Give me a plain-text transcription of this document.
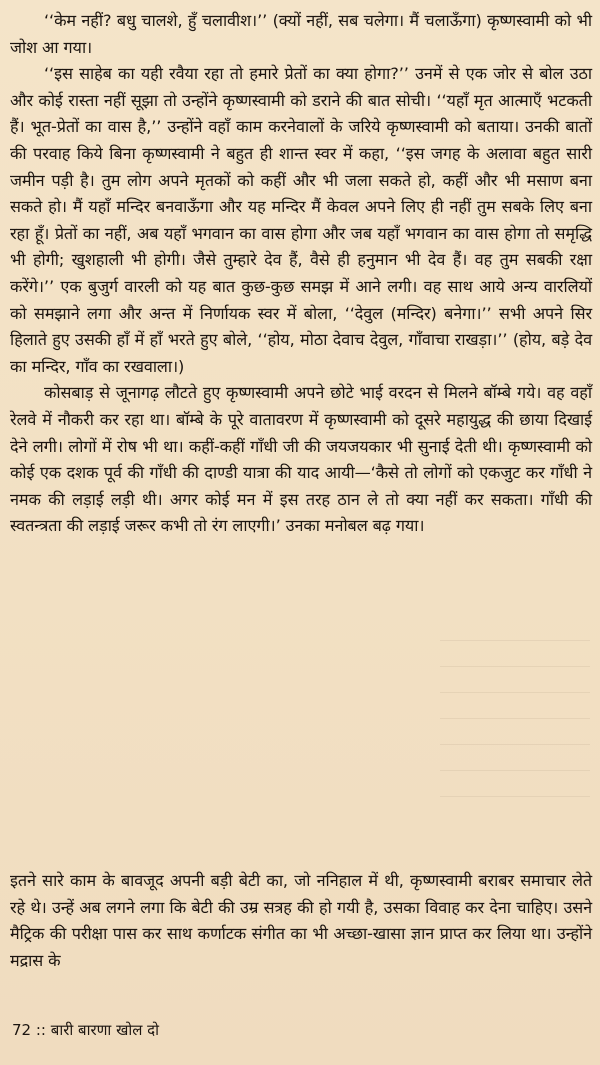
‘‘केम नहीं? बधु चालशे, हुँ चलावीश।’’ (क्यों नहीं, सब चलेगा। मैं चलाऊँगा) कृष्णस्वामी को भी जोश आ गया।

‘‘इस साहेब का यही रवैया रहा तो हमारे प्रेतों का क्या होगा?’’ उनमें से एक जोर से बोल उठा और कोई रास्ता नहीं सूझा तो उन्होंने कृष्णस्वामी को डराने की बात सोची। ‘‘यहाँ मृत आत्माएँ भटकती हैं। भूत-प्रेतों का वास है,’’ उन्होंने वहाँ काम करनेवालों के जरिये कृष्णस्वामी को बताया। उनकी बातों की परवाह किये बिना कृष्णस्वामी ने बहुत ही शान्त स्वर में कहा, ‘‘इस जगह के अलावा बहुत सारी जमीन पड़ी है। तुम लोग अपने मृतकों को कहीं और भी जला सकते हो, कहीं और भी मसाण बना सकते हो। मैं यहाँ मन्दिर बनवाऊँगा और यह मन्दिर मैं केवल अपने लिए ही नहीं तुम सबके लिए बना रहा हूँ। प्रेतों का नहीं, अब यहाँ भगवान का वास होगा और जब यहाँ भगवान का वास होगा तो समृद्धि भी होगी; खुशहाली भी होगी। जैसे तुम्हारे देव हैं, वैसे ही हनुमान भी देव हैं। वह तुम सबकी रक्षा करेंगे।’’ एक बुजुर्ग वारली को यह बात कुछ-कुछ समझ में आने लगी। वह साथ आये अन्य वारलियों को समझाने लगा और अन्त में निर्णायक स्वर में बोला, ‘‘देवुल (मन्दिर) बनेगा।’’ सभी अपने सिर हिलाते हुए उसकी हाँ में हाँ भरते हुए बोले, ‘‘होय, मोठा देवाच देवुल, गाँवाचा राखड़ा।’’ (होय, बड़े देव का मन्दिर, गाँव का रखवाला।)

कोसबाड़ से जूनागढ़ लौटते हुए कृष्णस्वामी अपने छोटे भाई वरदन से मिलने बॉम्बे गये। वह वहाँ रेलवे में नौकरी कर रहा था। बॉम्बे के पूरे वातावरण में कृष्णस्वामी को दूसरे महायुद्ध की छाया दिखाई देने लगी। लोगों में रोष भी था। कहीं-कहीं गाँधी जी की जयजयकार भी सुनाई देती थी। कृष्णस्वामी को कोई एक दशक पूर्व की गाँधी की दाण्डी यात्रा की याद आयी—‘कैसे तो लोगों को एकजुट कर गाँधी ने नमक की लड़ाई लड़ी थी। अगर कोई मन में इस तरह ठान ले तो क्या नहीं कर सकता। गाँधी की स्वतन्त्रता की लड़ाई जरूर कभी तो रंग लाएगी।’ उनका मनोबल बढ़ गया।

इतने सारे काम के बावजूद अपनी बड़ी बेटी का, जो ननिहाल में थी, कृष्णस्वामी बराबर समाचार लेते रहे थे। उन्हें अब लगने लगा कि बेटी की उम्र सत्रह की हो गयी है, उसका विवाह कर देना चाहिए। उसने मैट्रिक की परीक्षा पास कर साथ कर्णाटक संगीत का भी अच्छा-खासा ज्ञान प्राप्त कर लिया था। उन्होंने मद्रास के

72 :: बारी बारणा खोल दो
